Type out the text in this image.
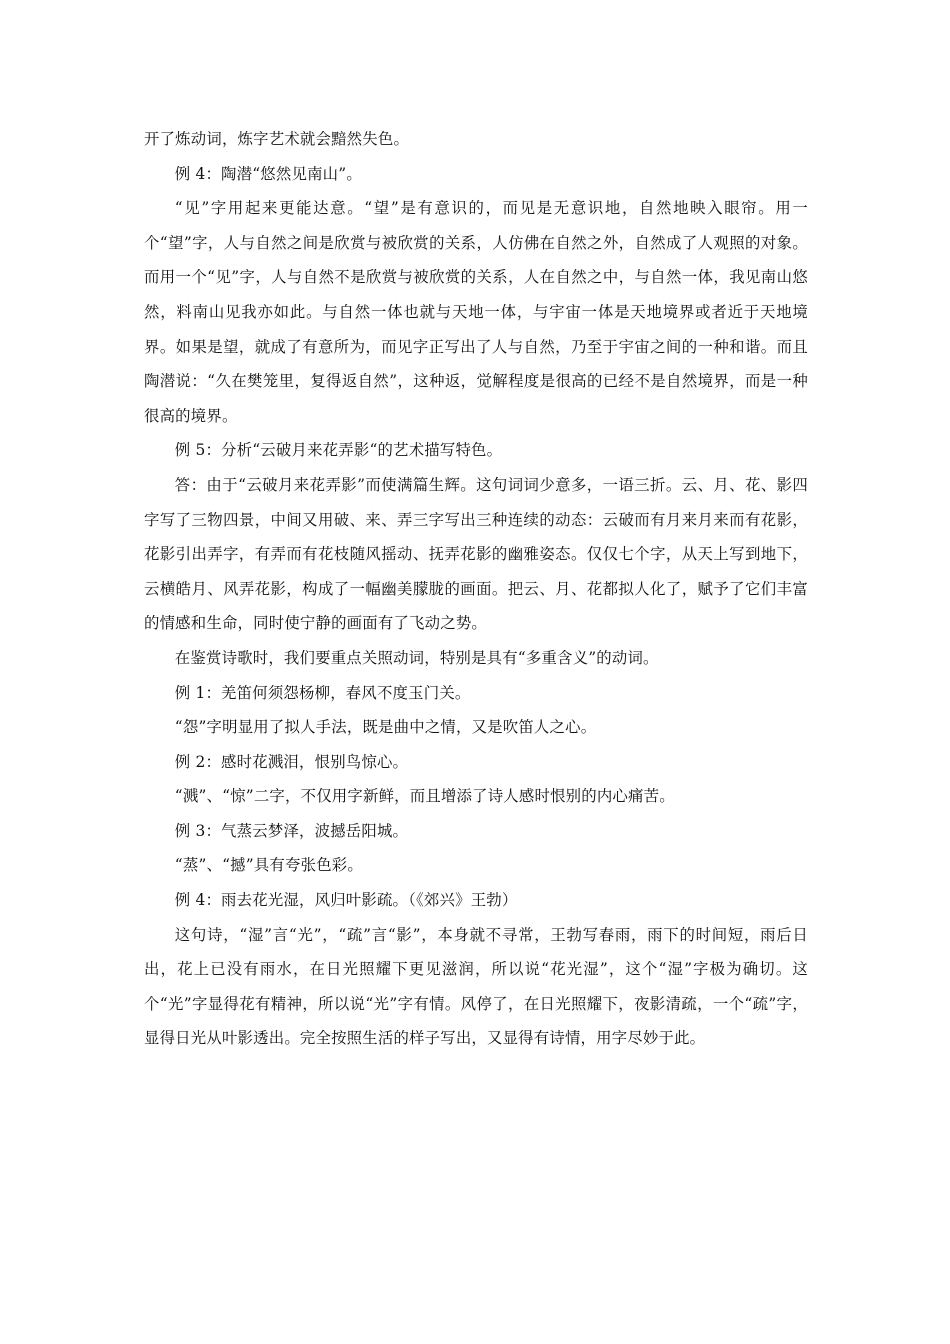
开了炼动词，炼字艺术就会黯然失色。

例 4：陶潜“悠然见南山”。

“见”字用起来更能达意。“望”是有意识的，而见是无意识地，自然地映入眼帘。用一个“望”字，人与自然之间是欣赏与被欣赏的关系，人仿佛在自然之外，自然成了人观照的对象。而用一个“见”字，人与自然不是欣赏与被欣赏的关系，人在自然之中，与自然一体，我见南山悠然，料南山见我亦如此。与自然一体也就与天地一体，与宇宙一体是天地境界或者近于天地境界。如果是望，就成了有意所为，而见字正写出了人与自然，乃至于宇宙之间的一种和谐。而且陶潜说：“久在樊笼里，复得返自然”，这种返，觉解程度是很高的已经不是自然境界，而是一种很高的境界。

例 5：分析“云破月来花弄影“的艺术描写特色。

答：由于“云破月来花弄影”而使满篇生辉。这句词词少意多，一语三折。云、月、花、影四字写了三物四景，中间又用破、来、弄三字写出三种连续的动态：云破而有月来月来而有花影，花影引出弄字，有弄而有花枝随风摇动、抚弄花影的幽雅姿态。仅仅七个字，从天上写到地下，云横皓月、风弄花影，构成了一幅幽美朦胧的画面。把云、月、花都拟人化了，赋予了它们丰富的情感和生命，同时使宁静的画面有了飞动之势。

在鉴赏诗歌时，我们要重点关照动词，特别是具有“多重含义”的动词。

例 1：羌笛何须怨杨柳，春风不度玉门关。

“怨”字明显用了拟人手法，既是曲中之情，又是吹笛人之心。

例 2：感时花溅泪，恨别鸟惊心。

“溅”、“惊”二字，不仅用字新鲜，而且增添了诗人感时恨别的内心痛苦。

例 3：气蒸云梦泽，波撼岳阳城。

“蒸”、“撼”具有夸张色彩。

例 4：雨去花光湿，风归叶影疏。（《郊兴》王勃）

这句诗，“湿”言“光”，“疏”言“影”，本身就不寻常，王勃写春雨，雨下的时间短，雨后日出，花上已没有雨水，在日光照耀下更见滋润，所以说“花光湿”，这个“湿”字极为确切。这个“光”字显得花有精神，所以说“光”字有情。风停了，在日光照耀下，夜影清疏，一个“疏”字，显得日光从叶影透出。完全按照生活的样子写出，又显得有诗情，用字尽妙于此。
